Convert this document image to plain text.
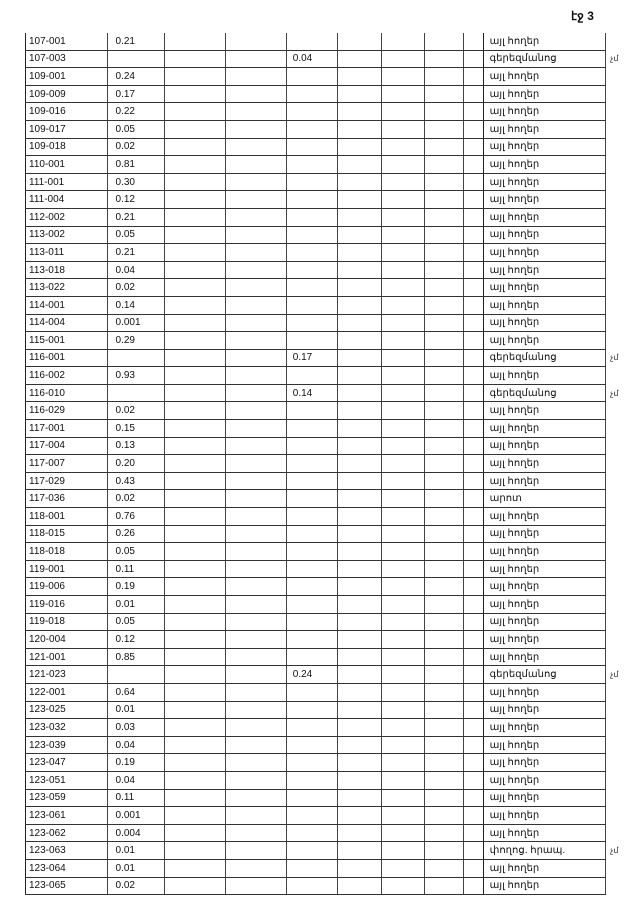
էջ 3
107-001	0.21								այլ հողեր	
107-003				0.04					գերեզմանոց	չմ
109-001	0.24								այլ հողեր	
109-009	0.17								այլ հողեր	
109-016	0.22								այլ հողեր	
109-017	0.05								այլ հողեր	
109-018	0.02								այլ հողեր	
110-001	0.81								այլ հողեր	
111-001	0.30								այլ հողեր	
111-004	0.12								այլ հողեր	
112-002	0.21								այլ հողեր	
113-002	0.05								այլ հողեր	
113-011	0.21								այլ հողեր	
113-018	0.04								այլ հողեր	
113-022	0.02								այլ հողեր	
114-001	0.14								այլ հողեր	
114-004	0.001								այլ հողեր	
115-001	0.29								այլ հողեր	
116-001				0.17					գերեզմանոց	չմ
116-002	0.93								այլ հողեր	
116-010				0.14					գերեզմանոց	չմ
116-029	0.02								այլ հողեր	
117-001	0.15								այլ հողեր	
117-004	0.13								այլ հողեր	
117-007	0.20								այլ հողեր	
117-029	0.43								այլ հողեր	
117-036	0.02								արոտ	
118-001	0.76								այլ հողեր	
118-015	0.26								այլ հողեր	
118-018	0.05								այլ հողեր	
119-001	0.11								այլ հողեր	
119-006	0.19								այլ հողեր	
119-016	0.01								այլ հողեր	
119-018	0.05								այլ հողեր	
120-004	0.12								այլ հողեր	
121-001	0.85								այլ հողեր	
121-023				0.24					գերեզմանոց	չմ
122-001	0.64								այլ հողեր	
123-025	0.01								այլ հողեր	
123-032	0.03								այլ հողեր	
123-039	0.04								այլ հողեր	
123-047	0.19								այլ հողեր	
123-051	0.04								այլ հողեր	
123-059	0.11								այլ հողեր	
123-061	0.001								այլ հողեր	
123-062	0.004								այլ հողեր	
123-063	0.01								փողոց. հրապ.	չմ
123-064	0.01								այլ հողեր	
123-065	0.02								այլ հողեր	
